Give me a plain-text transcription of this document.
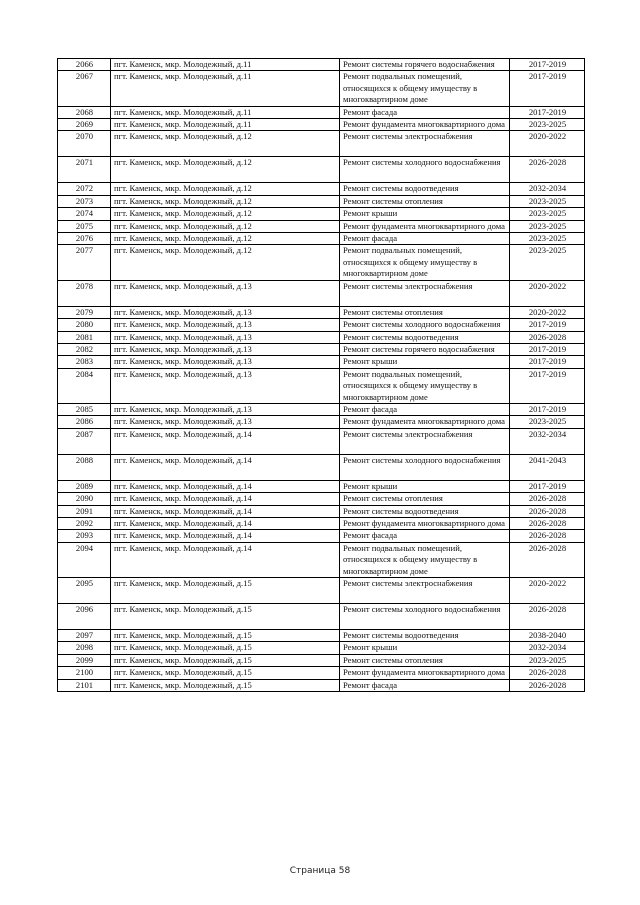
2066	пгт. Каменск, мкр. Молодежный, д.11	Ремонт системы горячего водоснабжения	2017-2019
2067	пгт. Каменск, мкр. Молодежный, д.11	Ремонт подвальных помещений, относящихся к общему имуществу в многоквартирном доме	2017-2019
2068	пгт. Каменск, мкр. Молодежный, д.11	Ремонт фасада	2017-2019
2069	пгт. Каменск, мкр. Молодежный, д.11	Ремонт фундамента многоквартирного дома	2023-2025
2070	пгт. Каменск, мкр. Молодежный, д.12	Ремонт системы электроснабжения	2020-2022
2071	пгт. Каменск, мкр. Молодежный, д.12	Ремонт системы холодного водоснабжения	2026-2028
2072	пгт. Каменск, мкр. Молодежный, д.12	Ремонт системы водоотведения	2032-2034
2073	пгт. Каменск, мкр. Молодежный, д.12	Ремонт системы отопления	2023-2025
2074	пгт. Каменск, мкр. Молодежный, д.12	Ремонт крыши	2023-2025
2075	пгт. Каменск, мкр. Молодежный, д.12	Ремонт фундамента многоквартирного дома	2023-2025
2076	пгт. Каменск, мкр. Молодежный, д.12	Ремонт фасада	2023-2025
2077	пгт. Каменск, мкр. Молодежный, д.12	Ремонт подвальных помещений, относящихся к общему имуществу в многоквартирном доме	2023-2025
2078	пгт. Каменск, мкр. Молодежный, д.13	Ремонт системы электроснабжения	2020-2022
2079	пгт. Каменск, мкр. Молодежный, д.13	Ремонт системы отопления	2020-2022
2080	пгт. Каменск, мкр. Молодежный, д.13	Ремонт системы холодного водоснабжения	2017-2019
2081	пгт. Каменск, мкр. Молодежный, д.13	Ремонт системы водоотведения	2026-2028
2082	пгт. Каменск, мкр. Молодежный, д.13	Ремонт системы горячего водоснабжения	2017-2019
2083	пгт. Каменск, мкр. Молодежный, д.13	Ремонт крыши	2017-2019
2084	пгт. Каменск, мкр. Молодежный, д.13	Ремонт подвальных помещений, относящихся к общему имуществу в многоквартирном доме	2017-2019
2085	пгт. Каменск, мкр. Молодежный, д.13	Ремонт фасада	2017-2019
2086	пгт. Каменск, мкр. Молодежный, д.13	Ремонт фундамента многоквартирного дома	2023-2025
2087	пгт. Каменск, мкр. Молодежный, д.14	Ремонт системы электроснабжения	2032-2034
2088	пгт. Каменск, мкр. Молодежный, д.14	Ремонт системы холодного водоснабжения	2041-2043
2089	пгт. Каменск, мкр. Молодежный, д.14	Ремонт крыши	2017-2019
2090	пгт. Каменск, мкр. Молодежный, д.14	Ремонт системы отопления	2026-2028
2091	пгт. Каменск, мкр. Молодежный, д.14	Ремонт системы водоотведения	2026-2028
2092	пгт. Каменск, мкр. Молодежный, д.14	Ремонт фундамента многоквартирного дома	2026-2028
2093	пгт. Каменск, мкр. Молодежный, д.14	Ремонт фасада	2026-2028
2094	пгт. Каменск, мкр. Молодежный, д.14	Ремонт подвальных помещений, относящихся к общему имуществу в многоквартирном доме	2026-2028
2095	пгт. Каменск, мкр. Молодежный, д.15	Ремонт системы электроснабжения	2020-2022
2096	пгт. Каменск, мкр. Молодежный, д.15	Ремонт системы холодного водоснабжения	2026-2028
2097	пгт. Каменск, мкр. Молодежный, д.15	Ремонт системы водоотведения	2038-2040
2098	пгт. Каменск, мкр. Молодежный, д.15	Ремонт крыши	2032-2034
2099	пгт. Каменск, мкр. Молодежный, д.15	Ремонт системы отопления	2023-2025
2100	пгт. Каменск, мкр. Молодежный, д.15	Ремонт фундамента многоквартирного дома	2026-2028
2101	пгт. Каменск, мкр. Молодежный, д.15	Ремонт фасада	2026-2028
Страница 58
